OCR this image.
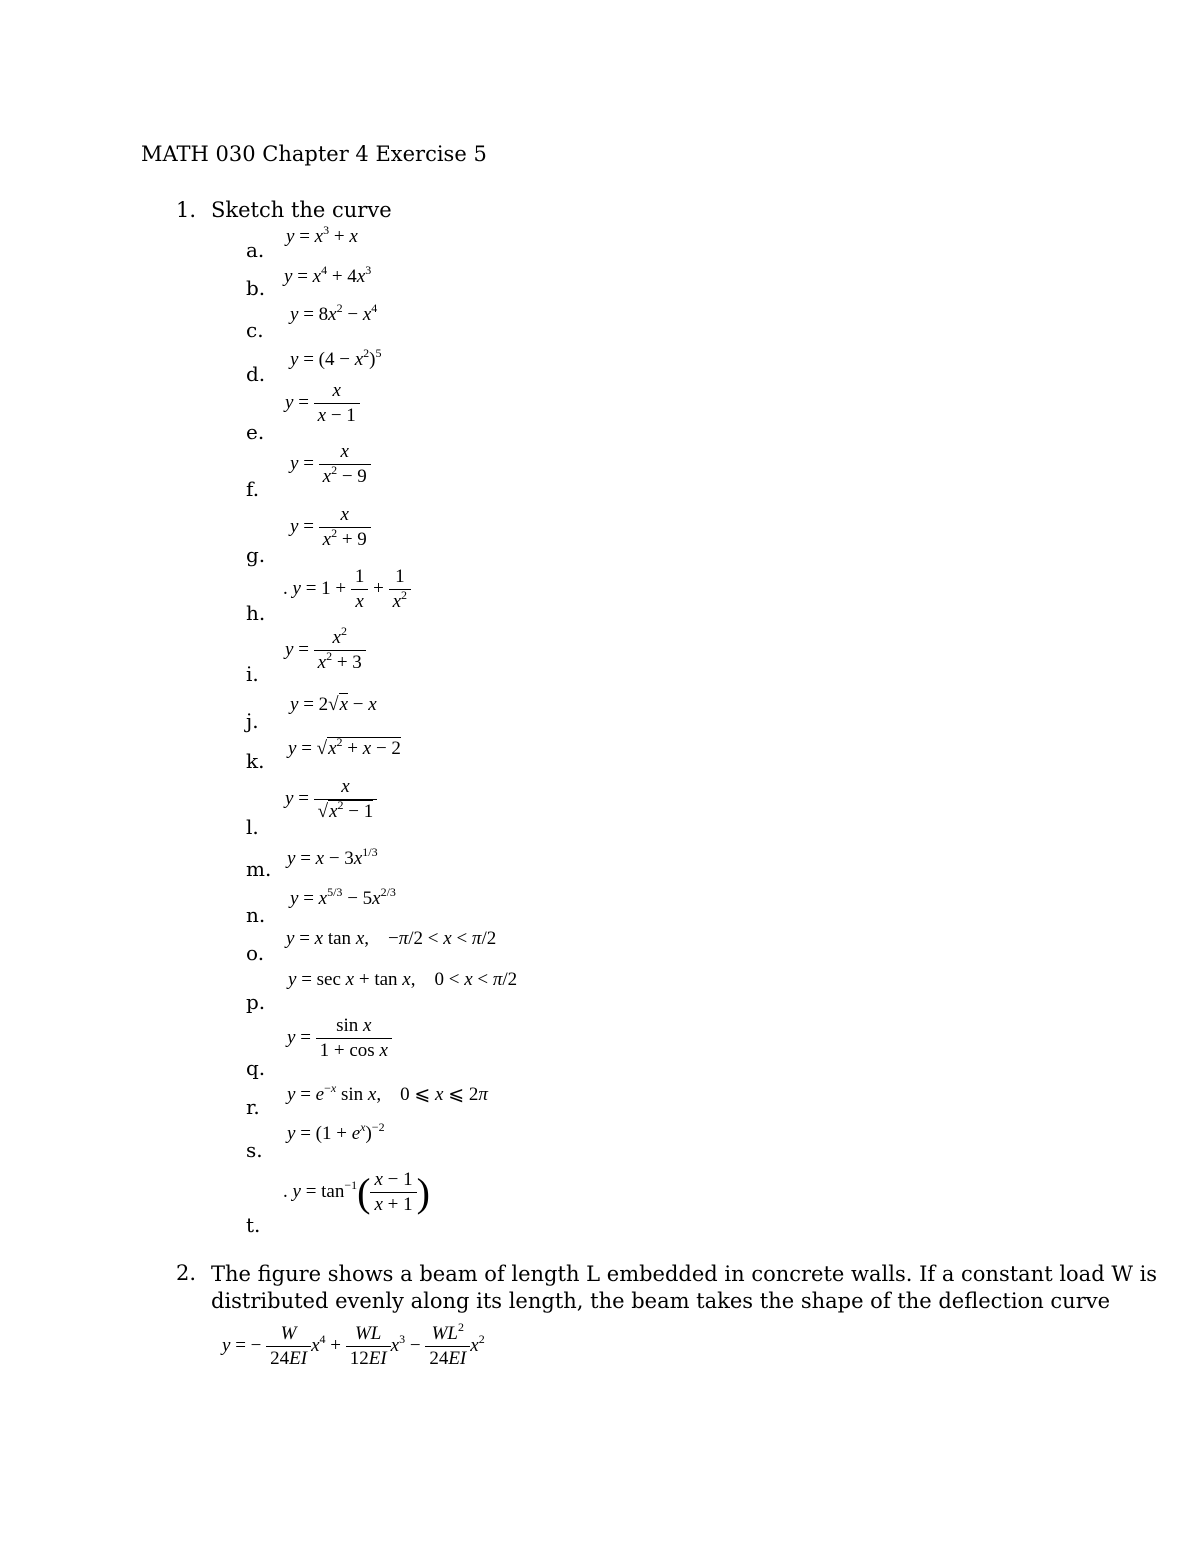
MATH 030 Chapter 4 Exercise 5
1. Sketch the curve
a.
b.
c.
d.
e.
f.
g.
h.
i.
j.
k.
l.
m.
n.
o.
p.
q.
r.
s.
t.
$y = x^3 + x$
$y = x^4 + 4x^3$
$y = 8x^2 - x^4$
$y = (4 - x^2)^5$
$y = \frac{x}{x - 1}$
$y = \frac{x}{x^2 - 9}$
$y = \frac{x}{x^2 + 9}$
. $y = 1 + \frac{1}{x} + \frac{1}{x^2}$
$y = \frac{x^2}{x^2 + 3}$
y = 2√x − x
$y = √x^2 + x - 2$
$y = \frac{x}{√x^2 - 1}$
$y = x - 3x^{1/3}$
$y = x^{5/3} - 5x^{2/3}$
y = x tan x,    −π/2 < x < π/2
y = sec x + tan x,    0 < x < π/2
$y = \frac{\text{sin x}}{\text{1 + cos x}}$
$y = e^{-x}$ sin x,    0 ⩽ x ⩽ 2π
$y = (1 + e^x)^{-2}$
. $y = \tan^{-1}( \frac{x - 1}{x + 1}$ )
2. The figure shows a beam of length L embedded in concrete walls. If a constant load W is
distributed evenly along its length, the beam takes the shape of the deflection curve
y = − $\frac{W}{24EI} x^4 + \frac{WL}{12EI} x^3 - \frac{WL^2}{24EI} x^2$
